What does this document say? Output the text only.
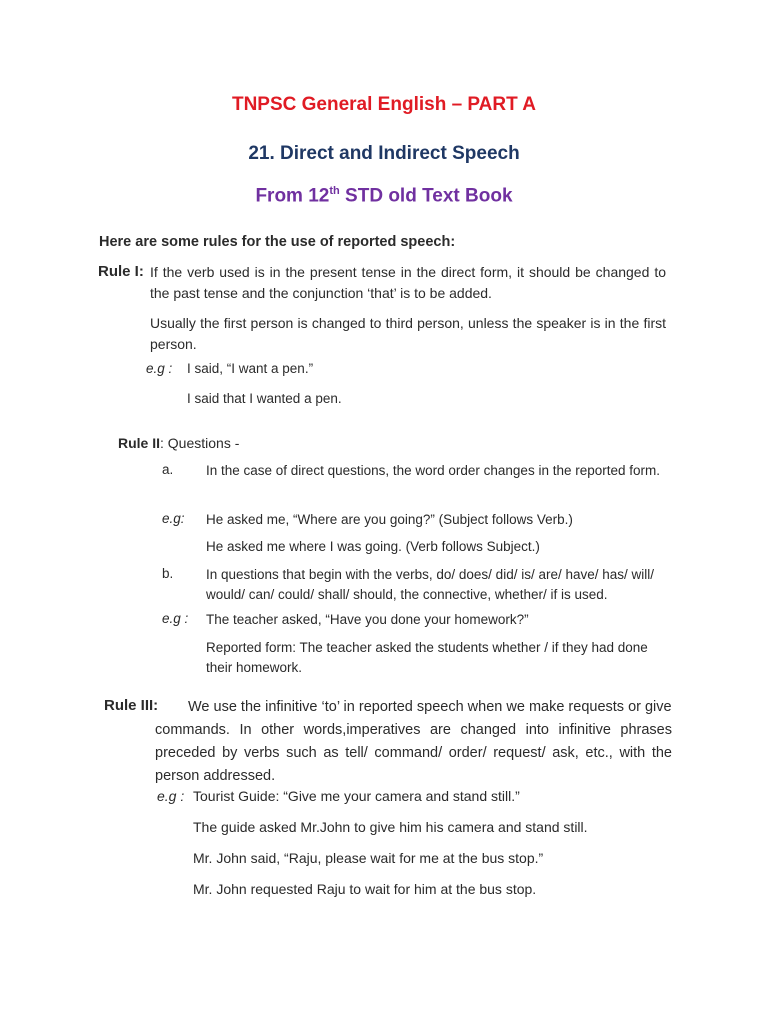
TNPSC General English – PART A
21. Direct and Indirect Speech
From 12th STD old Text Book
Here are some rules for the use of reported speech:
Rule I: If the verb used is in the present tense in the direct form, it should be changed to the past tense and the conjunction ‘that’ is to be added.
Usually the first person is changed to third person, unless the speaker is in the first person.
e.g : I said, “I want a pen.”
I said that I wanted a pen.
Rule II: Questions -
a. In the case of direct questions, the word order changes in the reported form.
e.g: He asked me, “Where are you going?” (Subject follows Verb.)
He asked me where I was going. (Verb follows Subject.)
b. In questions that begin with the verbs, do/ does/ did/ is/ are/ have/ has/ will/ would/ can/ could/ shall/ should, the connective, whether/ if is used.
e.g : The teacher asked, “Have you done your homework?”
Reported form: The teacher asked the students whether / if they had done their homework.
Rule III: We use the infinitive ‘to’ in reported speech when we make requests or give
commands. In other words,imperatives are changed into infinitive phrases preceded by verbs such as tell/ command/ order/ request/ ask, etc., with the person addressed.
e.g : Tourist Guide: “Give me your camera and stand still.”
The guide asked Mr.John to give him his camera and stand still.
Mr. John said, “Raju, please wait for me at the bus stop.”
Mr. John requested Raju to wait for him at the bus stop.
